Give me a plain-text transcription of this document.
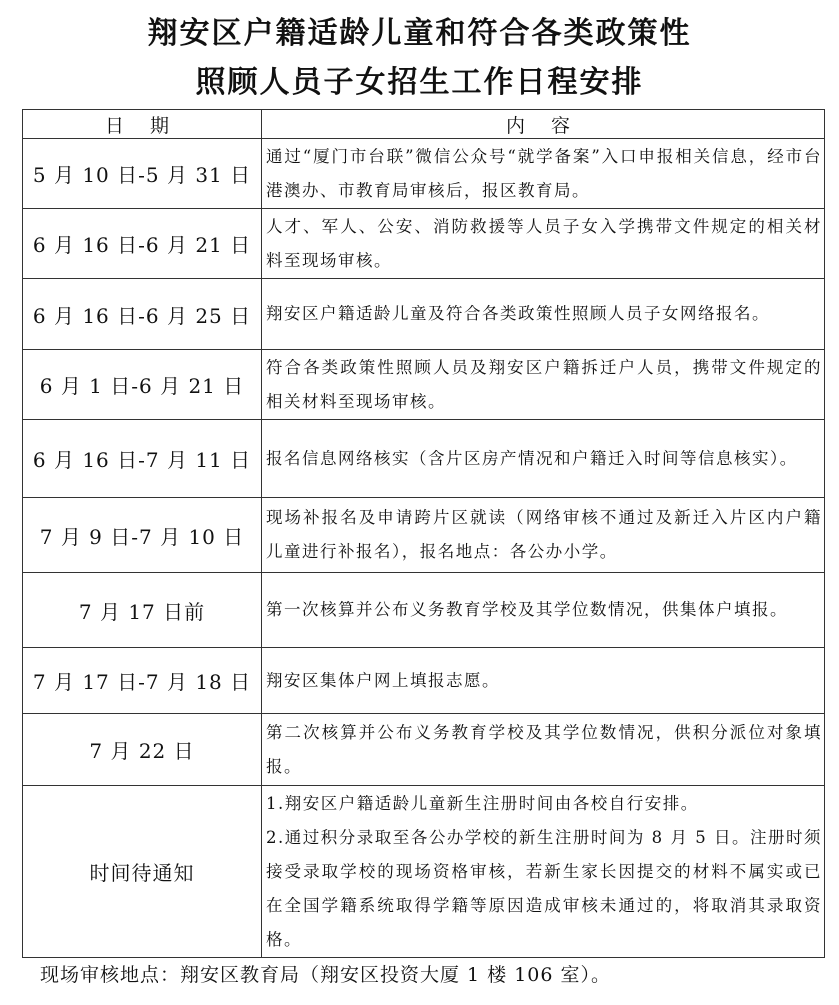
翔安区户籍适龄儿童和符合各类政策性
照顾人员子女招生工作日程安排
日 期	内 容
5 月 10 日-5 月 31 日	通过“厦门市台联”微信公众号“就学备案”入口申报相关信息，经市台港澳办、市教育局审核后，报区教育局。
6 月 16 日-6 月 21 日	人才、军人、公安、消防救援等人员子女入学携带文件规定的相关材料至现场审核。
6 月 16 日-6 月 25 日	翔安区户籍适龄儿童及符合各类政策性照顾人员子女网络报名。
6 月 1 日-6 月 21 日	符合各类政策性照顾人员及翔安区户籍拆迁户人员，携带文件规定的相关材料至现场审核。
6 月 16 日-7 月 11 日	报名信息网络核实（含片区房产情况和户籍迁入时间等信息核实）。
7 月 9 日-7 月 10 日	现场补报名及申请跨片区就读（网络审核不通过及新迁入片区内户籍儿童进行补报名），报名地点：各公办小学。
7 月 17 日前	第一次核算并公布义务教育学校及其学位数情况，供集体户填报。
7 月 17 日-7 月 18 日	翔安区集体户网上填报志愿。
7 月 22 日	第二次核算并公布义务教育学校及其学位数情况，供积分派位对象填报。
时间待通知	1.翔安区户籍适龄儿童新生注册时间由各校自行安排。
2.通过积分录取至各公办学校的新生注册时间为 8 月 5 日。注册时须接受录取学校的现场资格审核，若新生家长因提交的材料不属实或已在全国学籍系统取得学籍等原因造成审核未通过的，将取消其录取资格。
现场审核地点：翔安区教育局（翔安区投资大厦 1 楼 106 室）。
